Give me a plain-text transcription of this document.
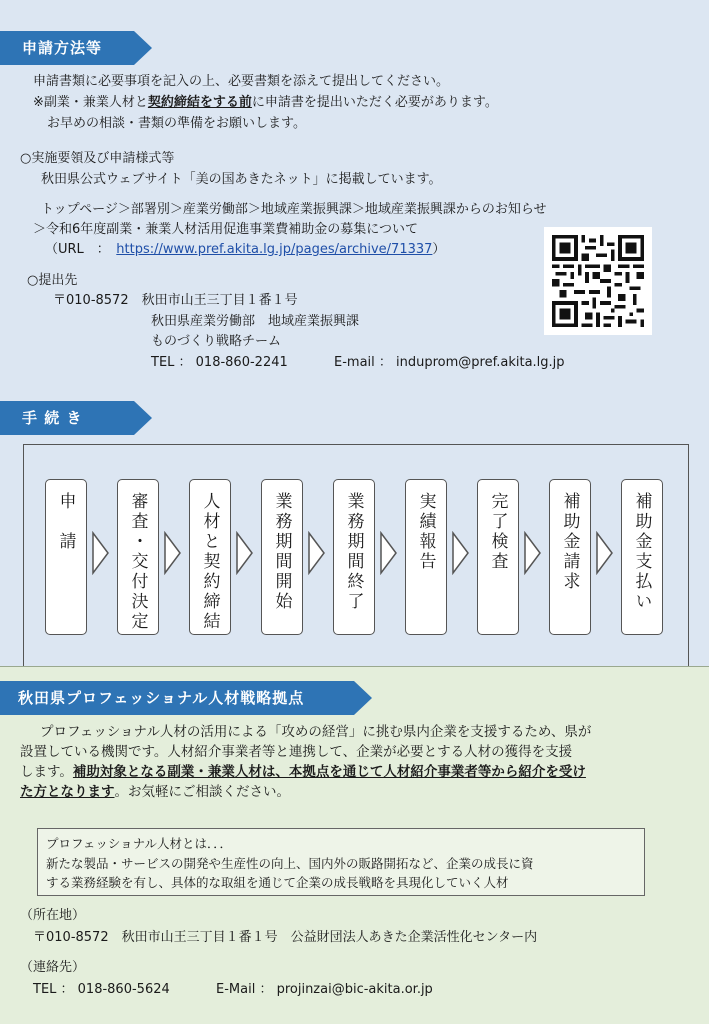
申請方法等
申請書類に必要事項を記入の上、必要書類を添えて提出してください。
※副業・兼業人材と契約締結をする前に申請書を提出いただく必要があります。
お早めの相談・書類の準備をお願いします。
○実施要領及び申請様式等
秋田県公式ウェブサイト「美の国あきたネット」に掲載しています。
トップページ＞部署別＞産業労働部＞地域産業振興課＞地域産業振興課からのお知らせ
＞令和6年度副業・兼業人材活用促進事業費補助金の募集について
（URL　：　https://www.pref.akita.lg.jp/pages/archive/71337）
○提出先
〒010-8572　秋田市山王三丁目１番１号
秋田県産業労働部　地域産業振興課
ものづくり戦略チーム
TEL ： 018-860-2241	E-mail ： induprom@pref.akita.lg.jp
手 続 き
申　請	審査・交付決定	人材と契約締結	業務期間開始	業務期間終了	実績報告	完了検査	補助金請求	補助金支払い
秋田県プロフェッショナル人材戦略拠点
プロフェッショナル人材の活用による「攻めの経営」に挑む県内企業を支援するため、県が
設置している機関です。人材紹介事業者等と連携して、企業が必要とする人材の獲得を支援
します。補助対象となる副業・兼業人材は、本拠点を通じて人材紹介事業者等から紹介を受け
た方となります。お気軽にご相談ください。
プロフェッショナル人材とは．．．
新たな製品・サービスの開発や生産性の向上、国内外の販路開拓など、企業の成長に資
する業務経験を有し、具体的な取組を通じて企業の成長戦略を具現化していく人材
（所在地）
〒010-8572　秋田市山王三丁目１番１号　公益財団法人あきた企業活性化センター内
（連絡先）
TEL ： 018-860-5624	E-Mail ： projinzai@bic-akita.or.jp
